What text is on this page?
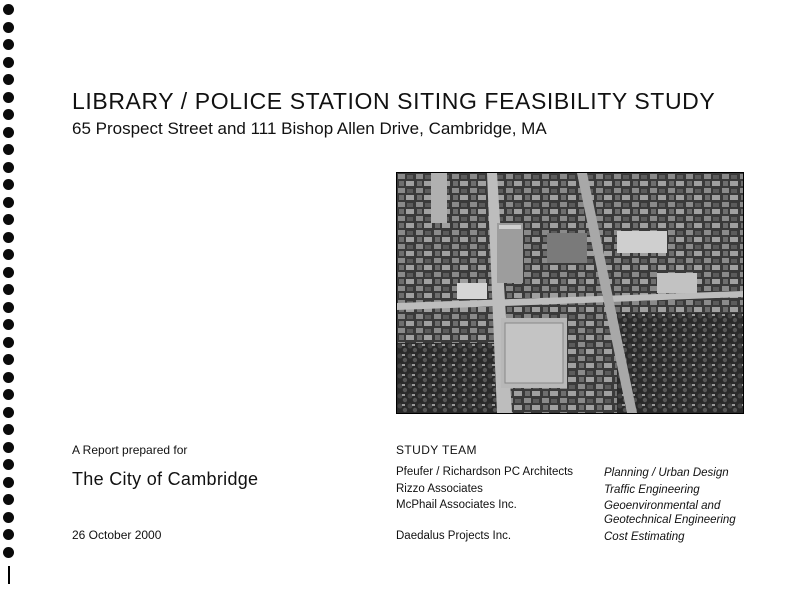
LIBRARY / POLICE STATION SITING FEASIBILITY STUDY
65 Prospect Street and 111 Bishop Allen Drive, Cambridge, MA
A Report prepared for
The City of Cambridge
26 October 2000
STUDY TEAM
Pfeufer / Richardson PC Architects	Planning / Urban Design
Rizzo Associates	Traffic Engineering
McPhail Associates Inc.	Geoenvironmental and Geotechnical Engineering
Daedalus Projects Inc.	Cost Estimating
